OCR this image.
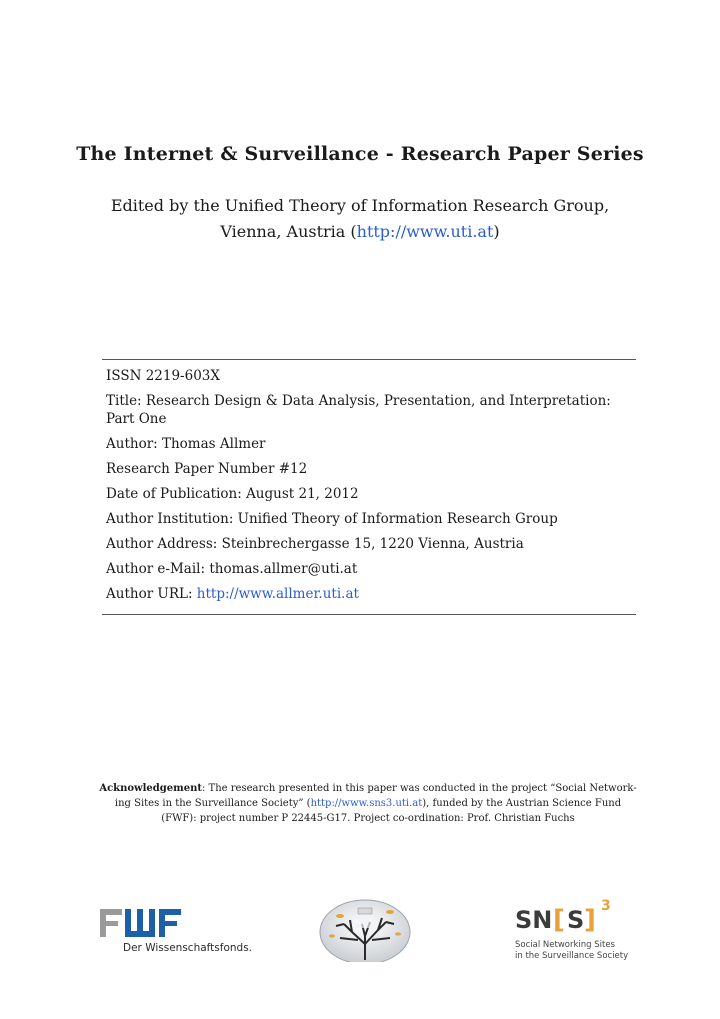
The Internet & Surveillance - Research Paper Series
Edited by the Unified Theory of Information Research Group,
Vienna, Austria (http://www.uti.at)
ISSN 2219-603X
Title: Research Design & Data Analysis, Presentation, and Interpretation:
Part One
Author: Thomas Allmer
Research Paper Number #12
Date of Publication: August 21, 2012
Author Institution: Unified Theory of Information Research Group
Author Address: Steinbrechergasse 15, 1220 Vienna, Austria
Author e-Mail: thomas.allmer@uti.at
Author URL: http://www.allmer.uti.at
Acknowledgement: The research presented in this paper was conducted in the project “Social Network-
ing Sites in the Surveillance Society” (http://www.sns3.uti.at), funded by the Austrian Science Fund
(FWF): project number P 22445-G17. Project co-ordination: Prof. Christian Fuchs
Der Wissenschaftsfonds.
SN [ S ] 3
Social Networking Sites
in the Surveillance Society
